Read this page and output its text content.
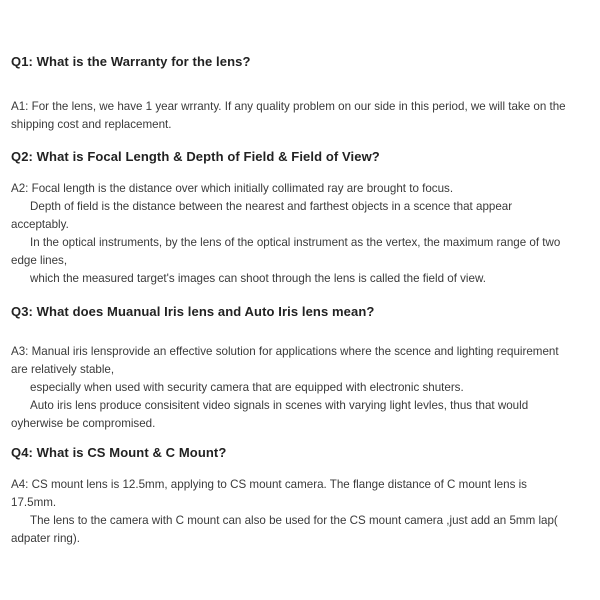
Q1: What is the Warranty for the lens?
A1: For the lens, we have 1 year wrranty. If any quality problem on our side in this period, we will take on the
shipping cost and replacement.
Q2: What is Focal Length & Depth of Field & Field of View?
A2: Focal length is the distance over which initially collimated ray are brought to focus.
Depth of field is the distance between the nearest and farthest objects in a scence that appear
acceptably.
In the optical instruments, by the lens of the optical instrument as the vertex, the maximum range of two
edge lines,
which the measured target's images can shoot through the lens is called the field of view.
Q3: What does Muanual Iris lens and Auto Iris lens mean?
A3: Manual iris lensprovide an effective solution for applications where the scence and lighting requirement
are relatively stable,
especially when used with security camera that are equipped with electronic shuters.
Auto iris lens produce consisitent video signals in scenes with varying light levles, thus that would
oyherwise be compromised.
Q4: What is CS Mount & C Mount?
A4: CS mount lens is 12.5mm, applying to CS mount camera. The flange distance of C mount lens is
17.5mm.
The lens to the camera with C mount can also be used for the CS mount camera ,just add an 5mm lap(
adpater ring).
